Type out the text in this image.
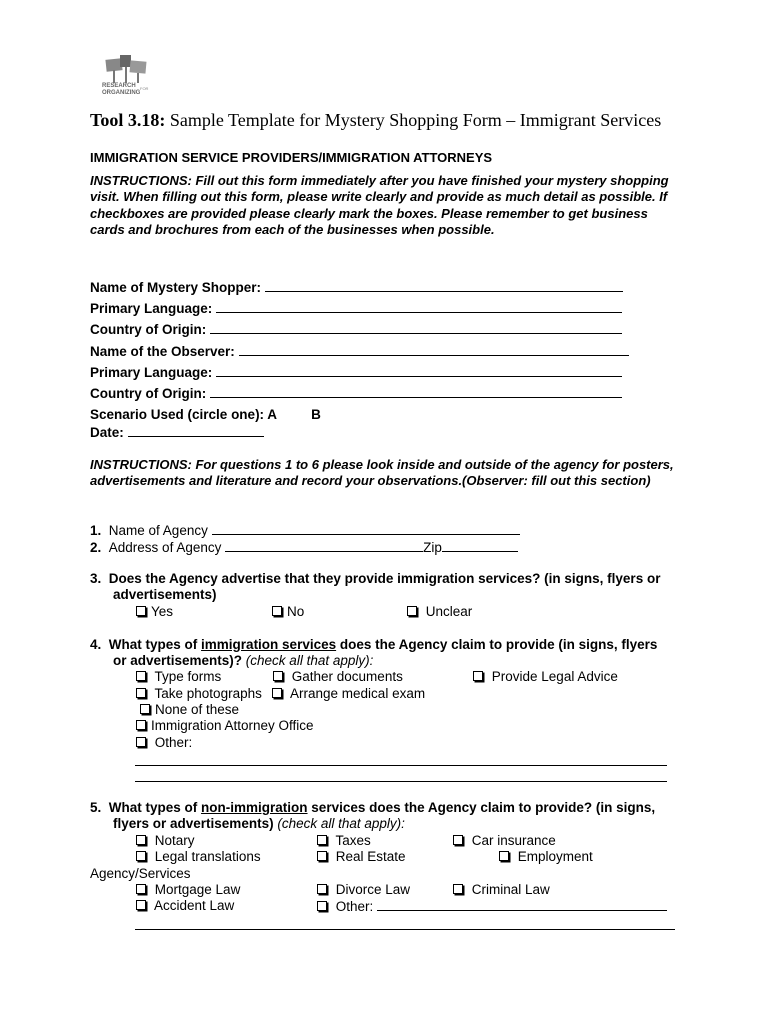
RESEARCH FOR
ORGANIZING
Tool 3.18: Sample Template for Mystery Shopping Form – Immigrant Services
IMMIGRATION SERVICE PROVIDERS/IMMIGRATION ATTORNEYS
INSTRUCTIONS: Fill out this form immediately after you have finished your mystery shopping visit. When filling out this form, please write clearly and provide as much detail as possible. If checkboxes are provided please clearly mark the boxes. Please remember to get business cards and brochures from each of the businesses when possible.
Name of Mystery Shopper:
Primary Language:
Country of Origin:
Name of the Observer:
Primary Language:
Country of Origin:
Scenario Used (circle one): A	B
Date:
INSTRUCTIONS: For questions 1 to 6 please look inside and outside of the agency for posters, advertisements and literature and record your observations.(Observer: fill out this section)
1. Name of Agency
2. Address of Agency	Zip
3. Does the Agency advertise that they provide immigration services? (in signs, flyers or
advertisements)
Yes	No	Unclear
4. What types of immigration services does the Agency claim to provide (in signs, flyers
or advertisements)? (check all that apply):
Type forms	Gather documents	Provide Legal Advice
Take photographs	Arrange medical exam
None of these
Immigration Attorney Office
Other:
5. What types of non-immigration services does the Agency claim to provide? (in signs,
flyers or advertisements) (check all that apply):
Notary	Taxes	Car insurance
Legal translations	Real Estate	Employment
Agency/Services
Mortgage Law	Divorce Law	Criminal Law
Accident Law	Other:
